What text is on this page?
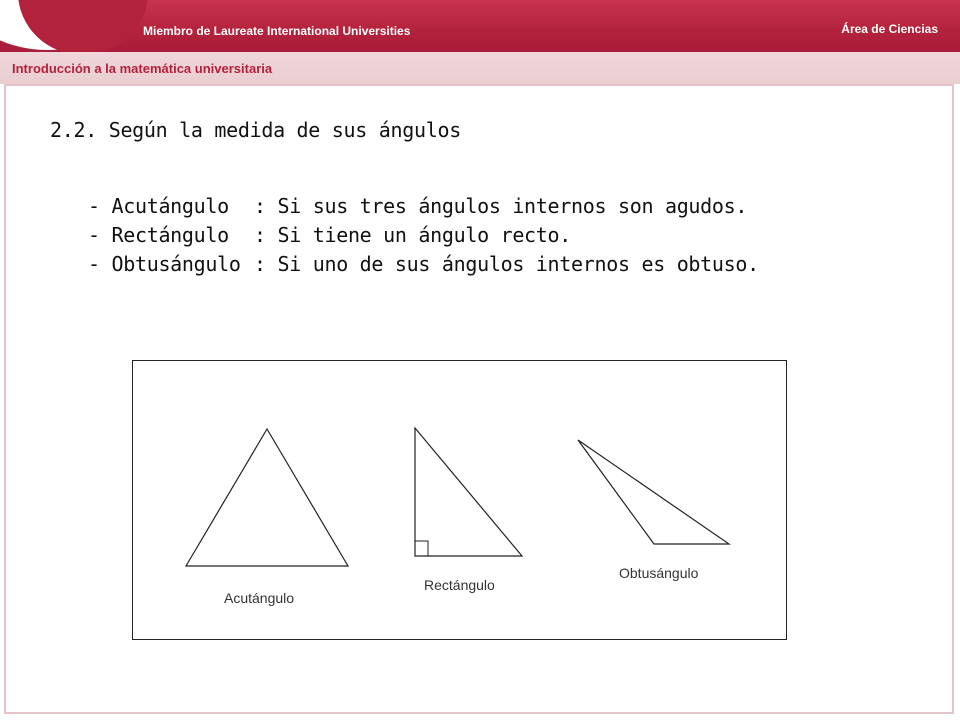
Miembro de Laureate International Universities	Área de Ciencias
Introducción a la matemática universitaria
2.2. Según la medida de sus ángulos
- Acutángulo : Si sus tres ángulos internos son agudos.
- Rectángulo : Si tiene un ángulo recto.
- Obtusángulo : Si uno de sus ángulos internos es obtuso.
Acutángulo
Rectángulo
Obtusángulo
